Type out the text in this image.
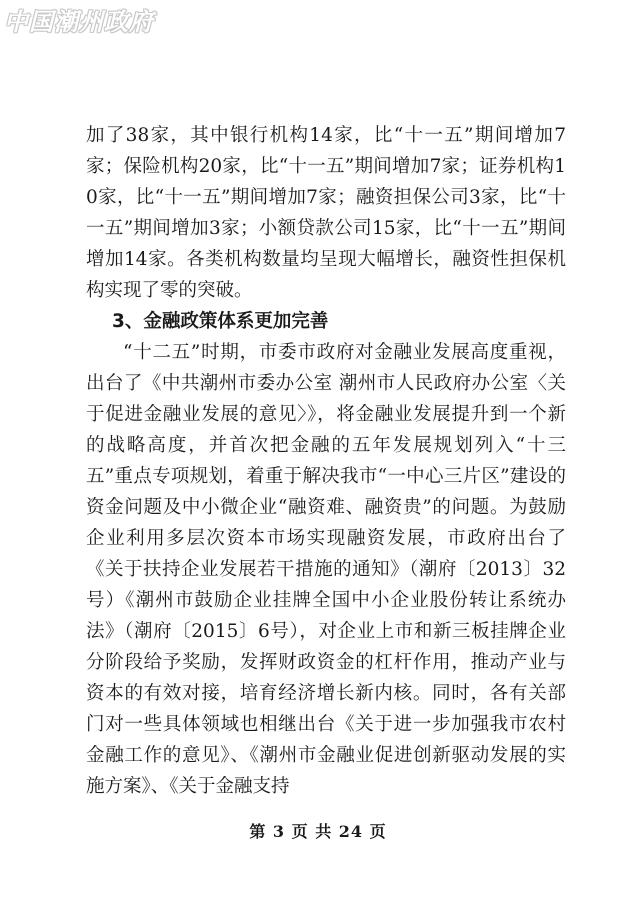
中国潮州政府

加了38家，其中银行机构14家，比“十一五”期间增加7家；保险机构20家，比“十一五”期间增加7家；证券机构10家，比“十一五”期间增加7家；融资担保公司3家，比“十一五”期间增加3家；小额贷款公司15家，比“十一五”期间增加14家。各类机构数量均呈现大幅增长，融资性担保机构实现了零的突破。

3、金融政策体系更加完善

“十二五”时期，市委市政府对金融业发展高度重视，出台了《中共潮州市委办公室 潮州市人民政府办公室〈关于促进金融业发展的意见〉》，将金融业发展提升到一个新的战略高度，并首次把金融的五年发展规划列入“十三五”重点专项规划，着重于解决我市“一中心三片区”建设的资金问题及中小微企业“融资难、融资贵”的问题。为鼓励企业利用多层次资本市场实现融资发展，市政府出台了《关于扶持企业发展若干措施的通知》（潮府〔2013〕32号）《潮州市鼓励企业挂牌全国中小企业股份转让系统办法》（潮府〔2015〕6号），对企业上市和新三板挂牌企业分阶段给予奖励，发挥财政资金的杠杆作用，推动产业与资本的有效对接，培育经济增长新内核。同时，各有关部门对一些具体领域也相继出台《关于进一步加强我市农村金融工作的意见》、《潮州市金融业促进创新驱动发展的实施方案》、《关于金融支持

第 3 页 共 24 页
